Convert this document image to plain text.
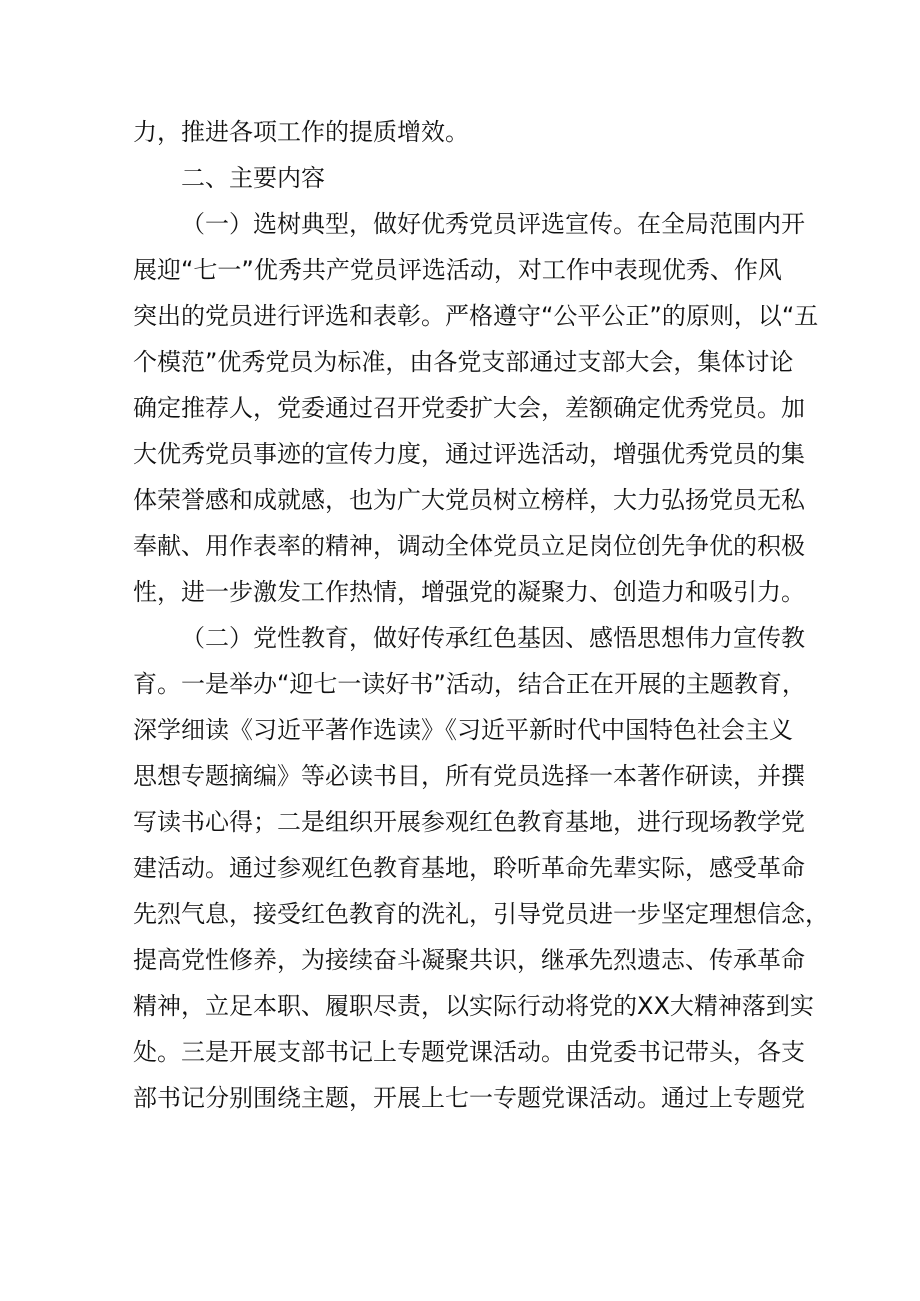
力，推进各项工作的提质增效。
二、主要内容
（一）选树典型，做好优秀党员评选宣传。在全局范围内开
展迎“七一”优秀共产党员评选活动，对工作中表现优秀、作风
突出的党员进行评选和表彰。严格遵守“公平公正”的原则，以“五
个模范”优秀党员为标准，由各党支部通过支部大会，集体讨论
确定推荐人，党委通过召开党委扩大会，差额确定优秀党员。加
大优秀党员事迹的宣传力度，通过评选活动，增强优秀党员的集
体荣誉感和成就感，也为广大党员树立榜样，大力弘扬党员无私
奉献、用作表率的精神，调动全体党员立足岗位创先争优的积极
性，进一步激发工作热情，增强党的凝聚力、创造力和吸引力。
（二）党性教育，做好传承红色基因、感悟思想伟力宣传教
育。一是举办“迎七一读好书”活动，结合正在开展的主题教育，
深学细读《习近平著作选读》《习近平新时代中国特色社会主义
思想专题摘编》等必读书目，所有党员选择一本著作研读，并撰
写读书心得；二是组织开展参观红色教育基地，进行现场教学党
建活动。通过参观红色教育基地，聆听革命先辈实际，感受革命
先烈气息，接受红色教育的洗礼，引导党员进一步坚定理想信念，
提高党性修养，为接续奋斗凝聚共识，继承先烈遗志、传承革命
精神，立足本职、履职尽责，以实际行动将党的XX大精神落到实
处。三是开展支部书记上专题党课活动。由党委书记带头，各支
部书记分别围绕主题，开展上七一专题党课活动。通过上专题党
